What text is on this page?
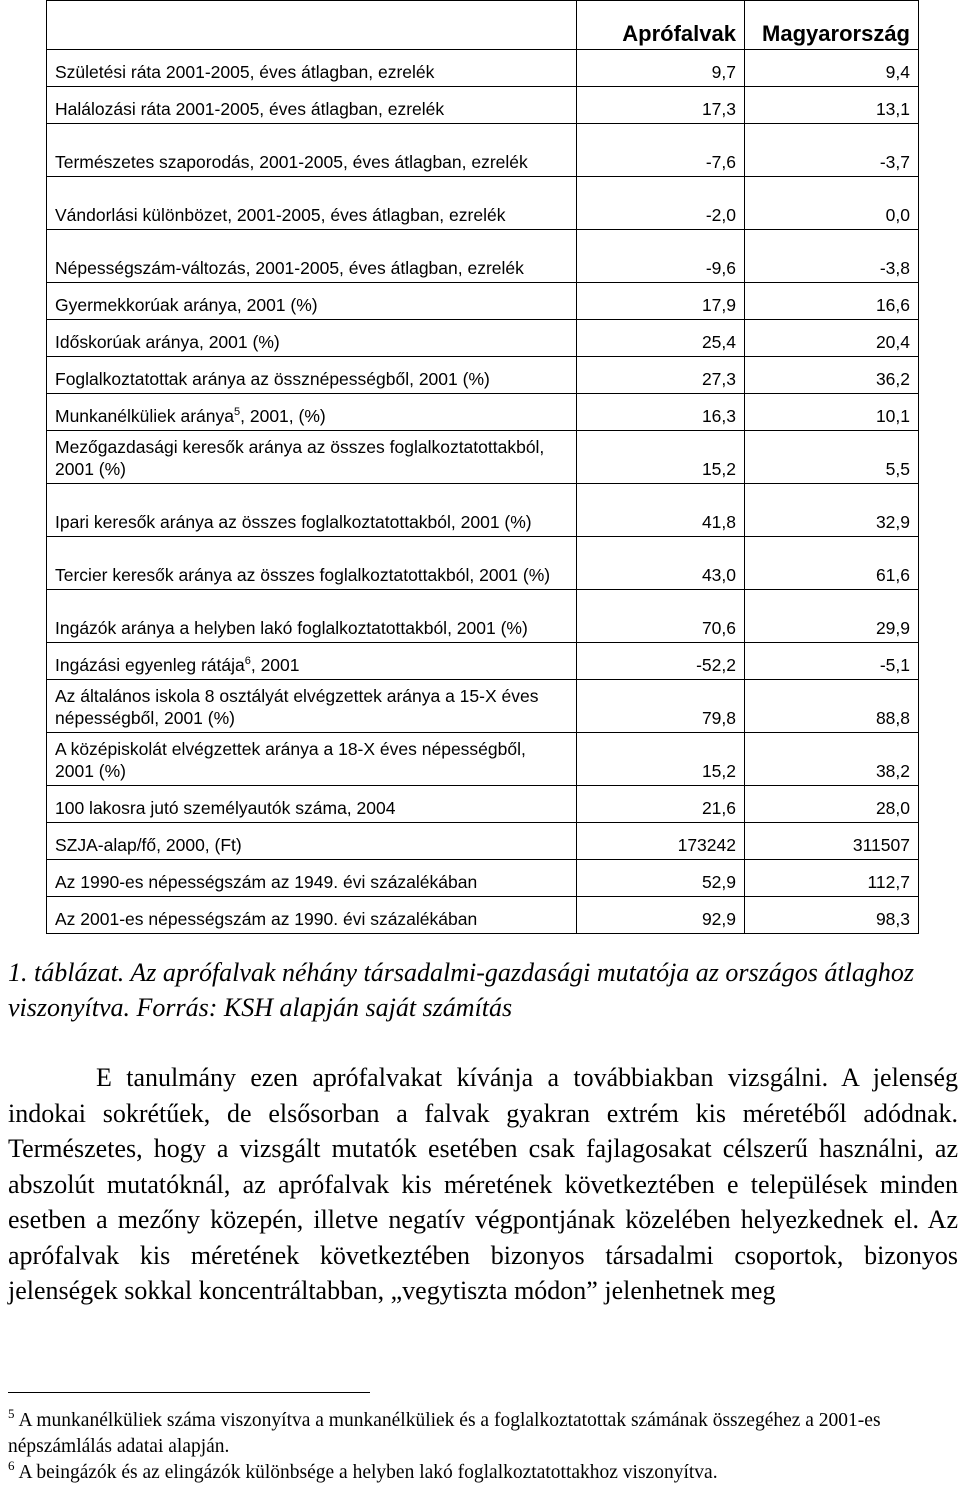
	Aprófalvak	Magyarország
Születési ráta 2001-2005, éves átlagban, ezrelék	9,7	9,4
Halálozási ráta 2001-2005, éves átlagban, ezrelék	17,3	13,1
Természetes szaporodás, 2001-2005, éves átlagban, ezrelék	-7,6	-3,7
Vándorlási különbözet, 2001-2005, éves átlagban, ezrelék	-2,0	0,0
Népességszám-változás, 2001-2005, éves átlagban, ezrelék	-9,6	-3,8
Gyermekkorúak aránya, 2001 (%)	17,9	16,6
Időskorúak aránya, 2001 (%)	25,4	20,4
Foglalkoztatottak aránya az össznépességből, 2001 (%)	27,3	36,2
Munkanélküliek aránya$^5$, 2001, (%)	16,3	10,1
Mezőgazdasági keresők aránya az összes foglalkoztatottakból, 2001 (%)	15,2	5,5
Ipari keresők aránya az összes foglalkoztatottakból, 2001 (%)	41,8	32,9
Tercier keresők aránya az összes foglalkoztatottakból, 2001 (%)	43,0	61,6
Ingázók aránya a helyben lakó foglalkoztatottakból, 2001 (%)	70,6	29,9
Ingázási egyenleg rátája$^6$, 2001	-52,2	-5,1
Az általános iskola 8 osztályát elvégzettek aránya a 15-X éves népességből, 2001 (%)	79,8	88,8
A középiskolát elvégzettek aránya a 18-X éves népességből, 2001 (%)	15,2	38,2
100 lakosra jutó személyautók száma, 2004	21,6	28,0
SZJA-alap/fő, 2000, (Ft)	173242	311507
Az 1990-es népességszám az 1949. évi százalékában	52,9	112,7
Az 2001-es népességszám az 1990. évi százalékában	92,9	98,3

1. táblázat. Az aprófalvak néhány társadalmi-gazdasági mutatója az országos átlaghoz viszonyítva. Forrás: KSH alapján saját számítás

E tanulmány ezen aprófalvakat kívánja a továbbiakban vizsgálni. A jelenség indokai sokrétűek, de elsősorban a falvak gyakran extrém kis méretéből adódnak. Természetes, hogy a vizsgált mutatók esetében csak fajlagosakat célszerű használni, az abszolút mutatóknál, az aprófalvak kis méretének következtében e települések minden esetben a mezőny közepén, illetve negatív végpontjának közelében helyezkednek el. Az aprófalvak kis méretének következtében bizonyos társadalmi csoportok, bizonyos jelenségek sokkal koncentráltabban, „vegytiszta módon” jelenhetnek meg

$^5$ A munkanélküliek száma viszonyítva a munkanélküliek és a foglalkoztatottak számának összegéhez a 2001-es népszámlálás adatai alapján.

$^6$ A beingázók és az elingázók különbsége a helyben lakó foglalkoztatottakhoz viszonyítva.
